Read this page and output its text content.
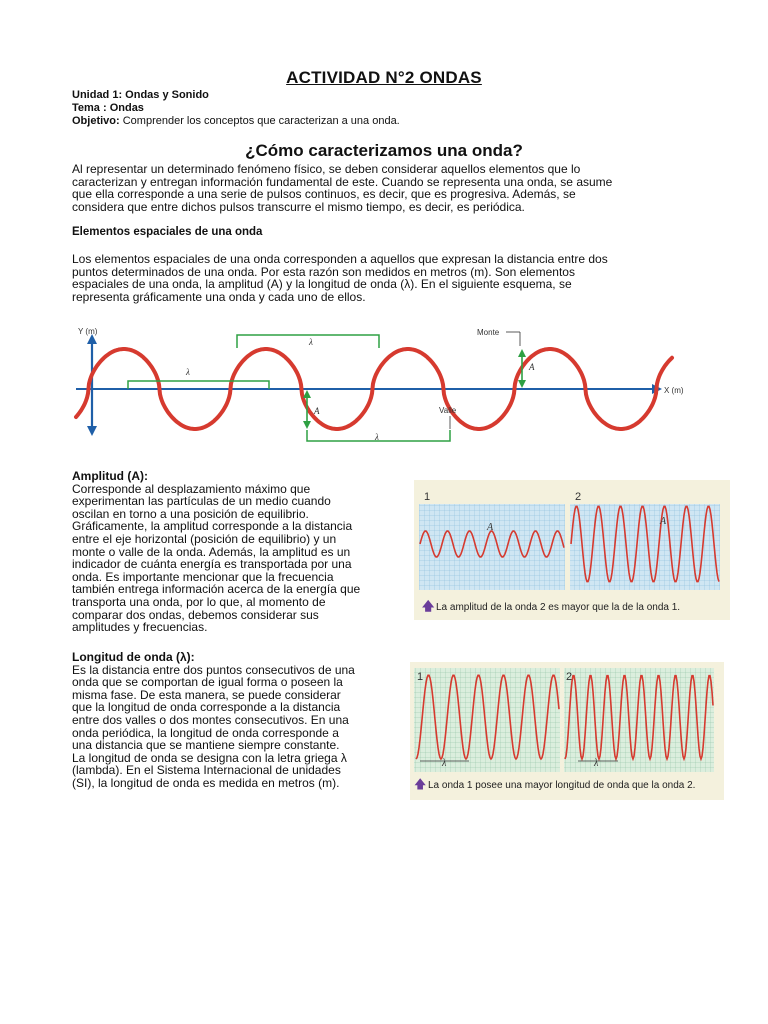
ACTIVIDAD N°2 ONDAS
Unidad 1: Ondas y Sonido
Tema : Ondas
Objetivo: Comprender los conceptos que caracterizan a una onda.
¿Cómo caracterizamos una onda?
Al representar un determinado fenómeno físico, se deben considerar aquellos elementos que lo
caracterizan y entregan información fundamental de este. Cuando se representa una onda, se asume
que ella corresponde a una serie de pulsos continuos, es decir, que es progresiva. Además, se
considera que entre dichos pulsos transcurre el mismo tiempo, es decir, es periódica.
Elementos espaciales de una onda
Los elementos espaciales de una onda corresponden a aquellos que expresan la distancia entre dos
puntos determinados de una onda. Por esta razón son medidos en metros (m). Son elementos
espaciales de una onda, la amplitud (A) y la longitud de onda (λ). En el siguiente esquema, se
representa gráficamente una onda y cada uno de ellos.
Y (m)
X (m)
λ
λ
λ
A
A
Monte
Valle
Amplitud (A):
Corresponde al desplazamiento máximo que
experimentan las partículas de un medio cuando
oscilan en torno a una posición de equilibrio.
Gráficamente, la amplitud corresponde a la distancia
entre el eje horizontal (posición de equilibrio) y un
monte o valle de la onda. Además, la amplitud es un
indicador de cuánta energía es transportada por una
onda. Es importante mencionar que la frecuencia
también entrega información acerca de la energía que
transporta una onda, por lo que, al momento de
comparar dos ondas, debemos considerar sus
amplitudes y frecuencias.
1	2
A
A
🡅 La amplitud de la onda 2 es mayor que la de la onda 1.
Longitud de onda (λ):
Es la distancia entre dos puntos consecutivos de una
onda que se comportan de igual forma o poseen la
misma fase. De esta manera, se puede considerar
que la longitud de onda corresponde a la distancia
entre dos valles o dos montes consecutivos. En una
onda periódica, la longitud de onda corresponde a
una distancia que se mantiene siempre constante.
La longitud de onda se designa con la letra griega λ
(lambda). En el Sistema Internacional de unidades
(SI), la longitud de onda es medida en metros (m).
1	2
λ	λ
🡅 La onda 1 posee una mayor longitud de onda que la onda 2.
